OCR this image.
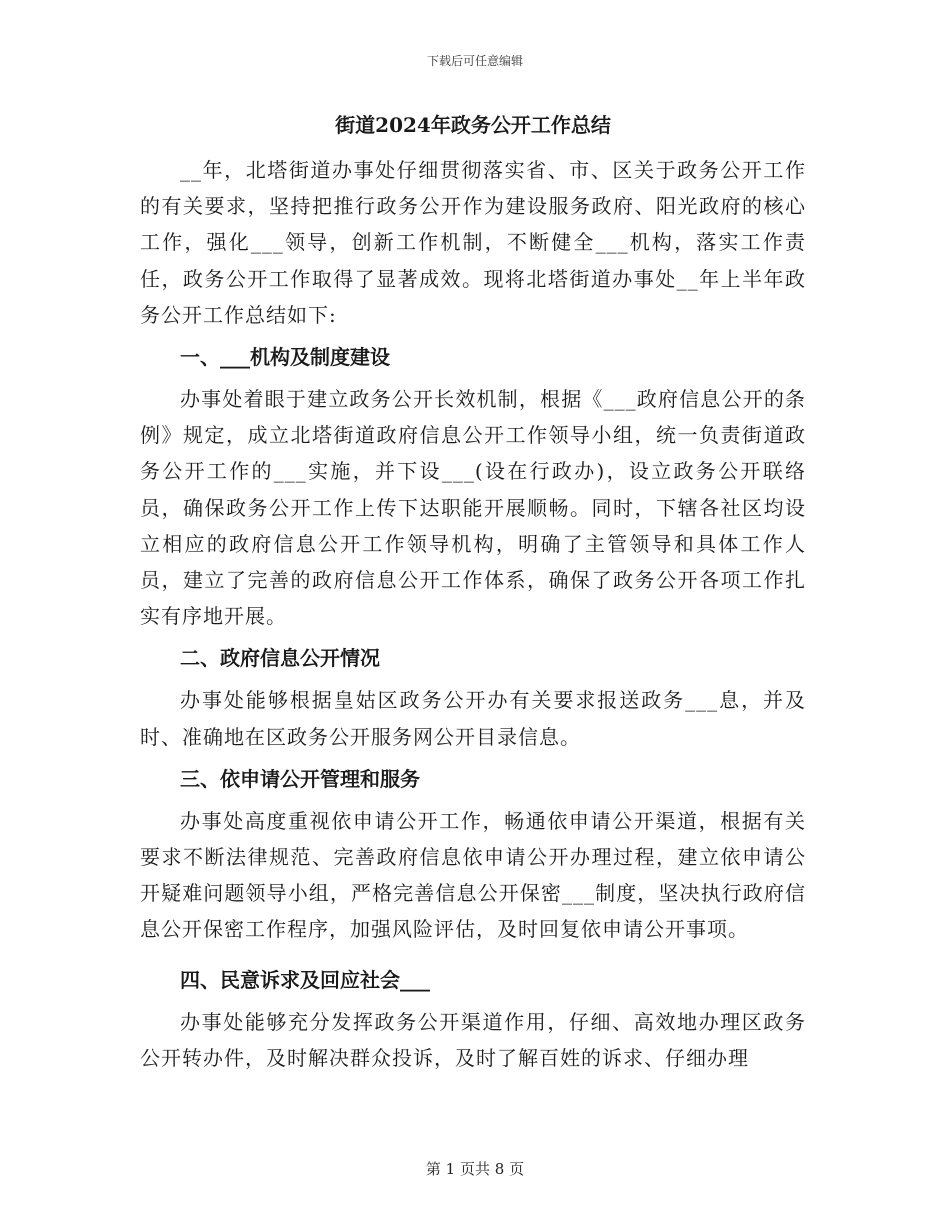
下载后可任意编辑
街道2024年政务公开工作总结

__年，北塔街道办事处仔细贯彻落实省、市、区关于政务公开工作的有关要求，坚持把推行政务公开作为建设服务政府、阳光政府的核心工作，强化___领导，创新工作机制，不断健全___机构，落实工作责任，政务公开工作取得了显著成效。现将北塔街道办事处__年上半年政务公开工作总结如下:

一、___机构及制度建设

办事处着眼于建立政务公开长效机制，根据《___政府信息公开的条例》规定，成立北塔街道政府信息公开工作领导小组，统一负责街道政务公开工作的___实施，并下设___(设在行政办)，设立政务公开联络员，确保政务公开工作上传下达职能开展顺畅。同时，下辖各社区均设立相应的政府信息公开工作领导机构，明确了主管领导和具体工作人员，建立了完善的政府信息公开工作体系，确保了政务公开各项工作扎实有序地开展。

二、政府信息公开情况

办事处能够根据皇姑区政务公开办有关要求报送政务___息，并及时、准确地在区政务公开服务网公开目录信息。

三、依申请公开管理和服务

办事处高度重视依申请公开工作，畅通依申请公开渠道，根据有关要求不断法律规范、完善政府信息依申请公开办理过程，建立依申请公开疑难问题领导小组，严格完善信息公开保密___制度，坚决执行政府信息公开保密工作程序，加强风险评估，及时回复依申请公开事项。

四、民意诉求及回应社会___

办事处能够充分发挥政务公开渠道作用，仔细、高效地办理区政务公开转办件，及时解决群众投诉，及时了解百姓的诉求、仔细办理

第 1 页共 8 页
